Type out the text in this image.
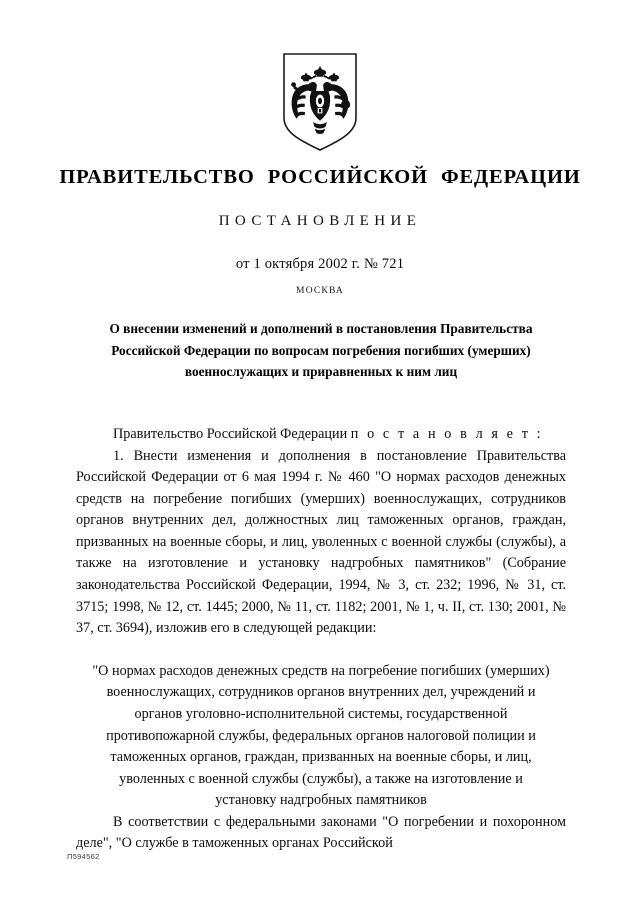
ПРАВИТЕЛЬСТВО РОССИЙСКОЙ ФЕДЕРАЦИИ
ПОСТАНОВЛЕНИЕ
от 1 октября 2002 г. № 721
МОСКВА
О внесении изменений и дополнений в постановления Правительства
Российской Федерации по вопросам погребения погибших (умерших)
военнослужащих и приравненных к ним лиц

Правительство Российской Федерации п о с т а н о в л я е т :

1. Внести изменения и дополнения в постановление Правительства Российской Федерации от 6 мая 1994 г. № 460 "О нормах расходов денежных средств на погребение погибших (умерших) военнослужащих, сотрудников органов внутренних дел, должностных лиц таможенных органов, граждан, призванных на военные сборы, и лиц, уволенных с военной службы (службы), а также на изготовление и установку надгробных памятников" (Собрание законодательства Российской Федерации, 1994, № 3, ст. 232; 1996, № 31, ст. 3715; 1998, № 12, ст. 1445; 2000, № 11, ст. 1182; 2001, № 1, ч. II, ст. 130; 2001, № 37, ст. 3694), изложив его в следующей редакции:

"О нормах расходов денежных средств на погребение погибших (умерших)
военнослужащих, сотрудников органов внутренних дел, учреждений и
органов уголовно-исполнительной системы, государственной
противопожарной службы, федеральных органов налоговой полиции и
таможенных органов, граждан, призванных на военные сборы, и лиц,
уволенных с военной службы (службы), а также на изготовление и
установку надгробных памятников

В соответствии с федеральными законами "О погребении и похоронном деле", "О службе в таможенных органах Российской

П594562
